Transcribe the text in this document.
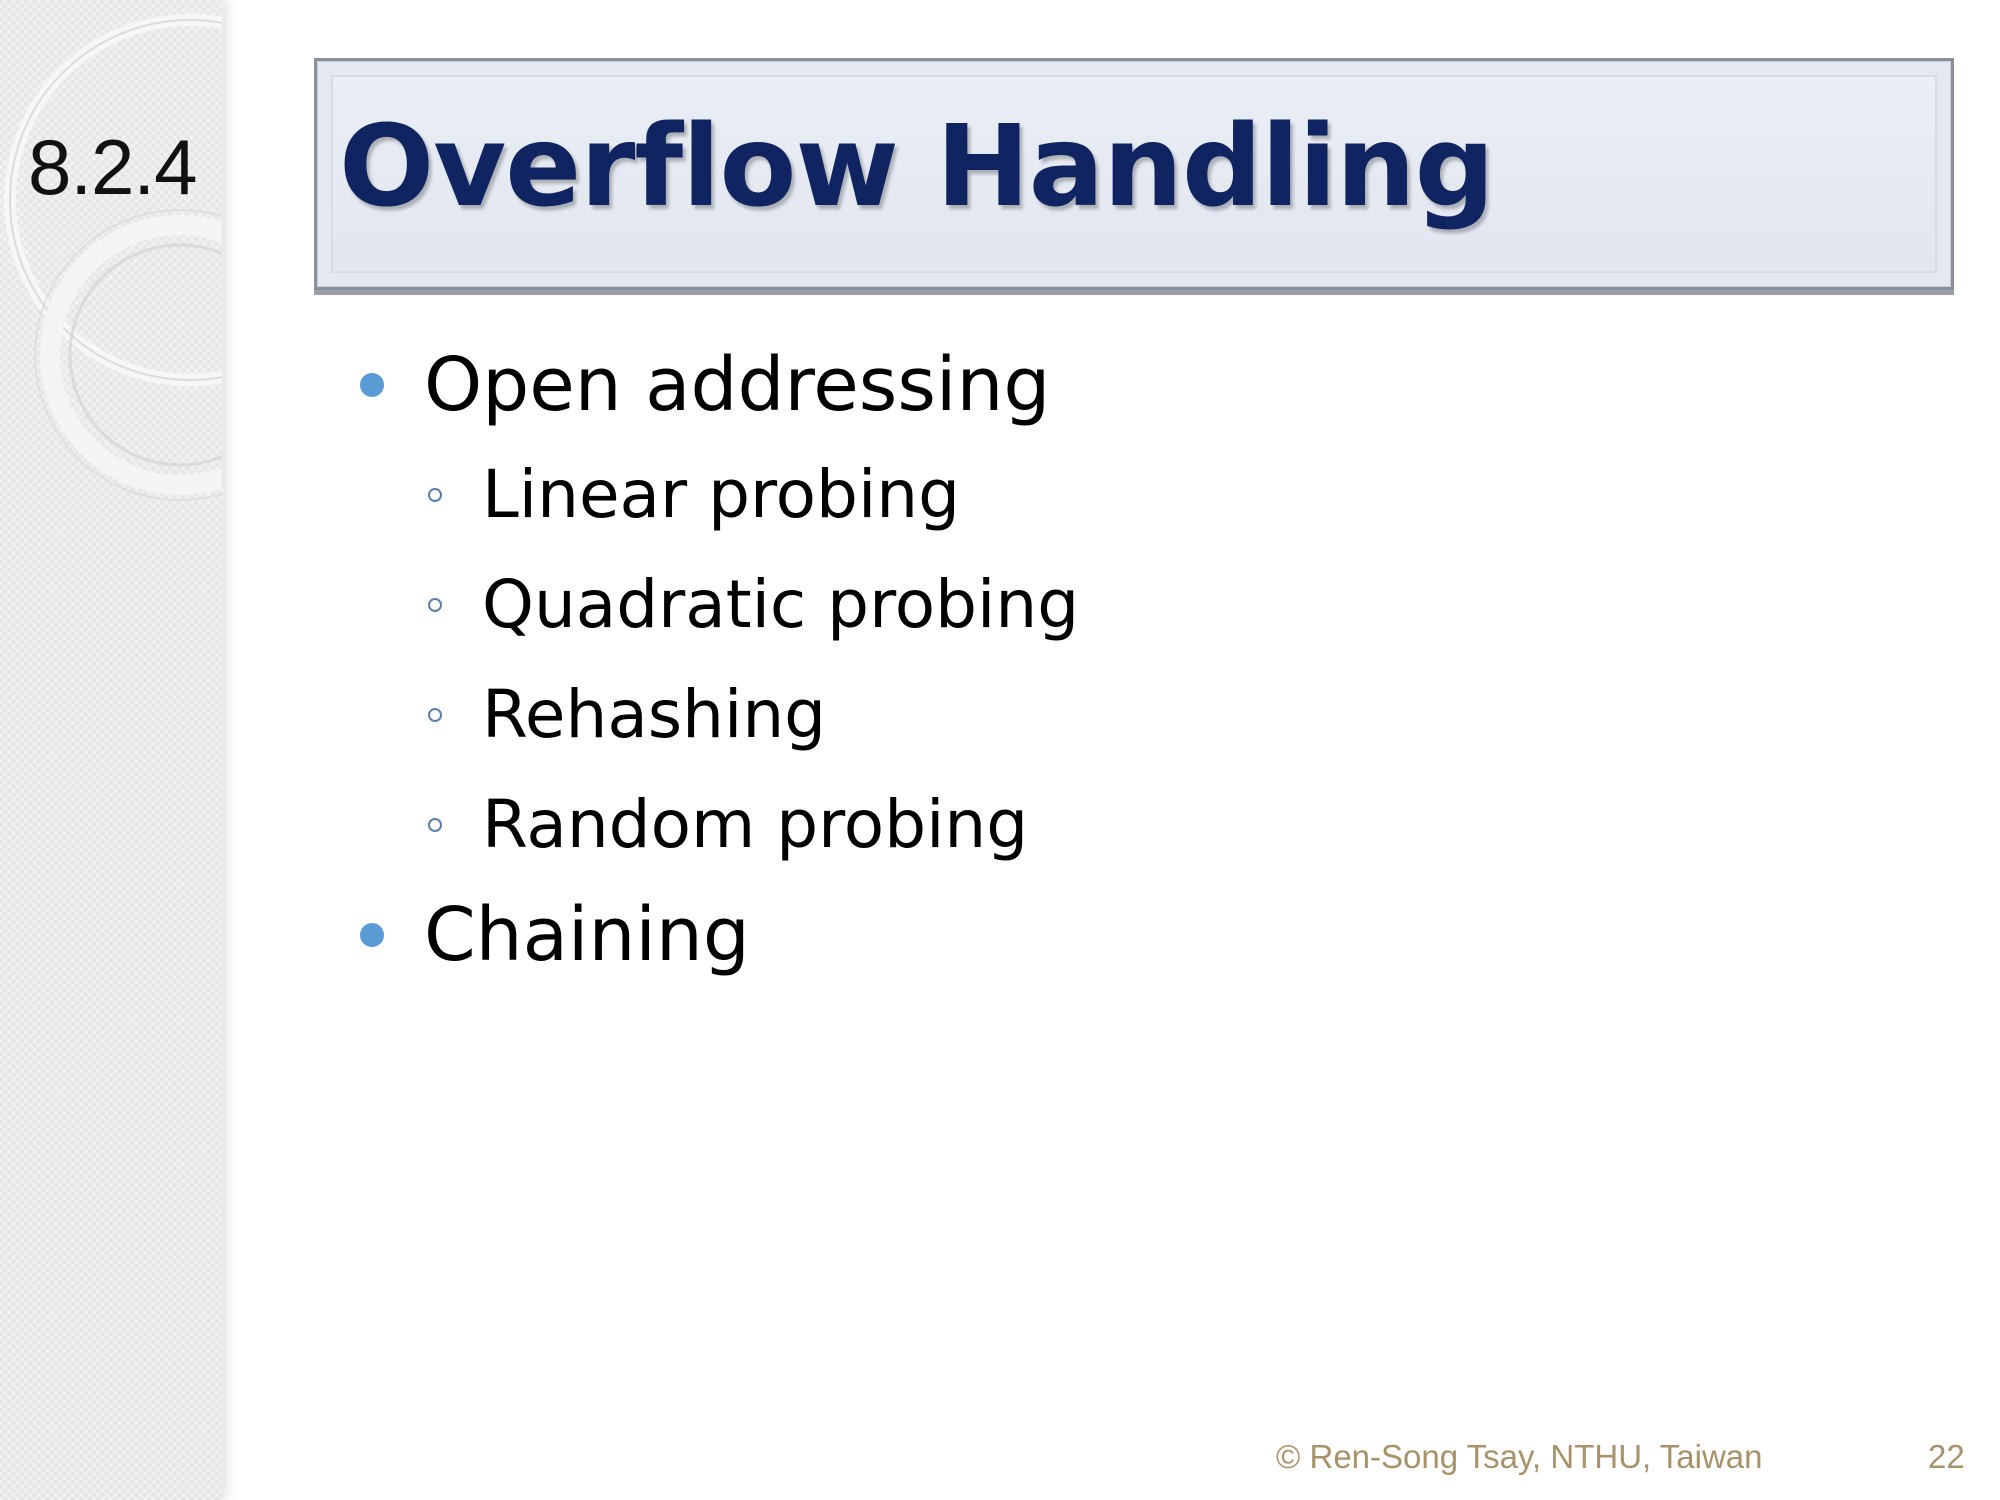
8.2.4 Overflow Handling
Open addressing
Linear probing
Quadratic probing
Rehashing
Random probing
Chaining
© Ren-Song Tsay, NTHU, Taiwan	22
